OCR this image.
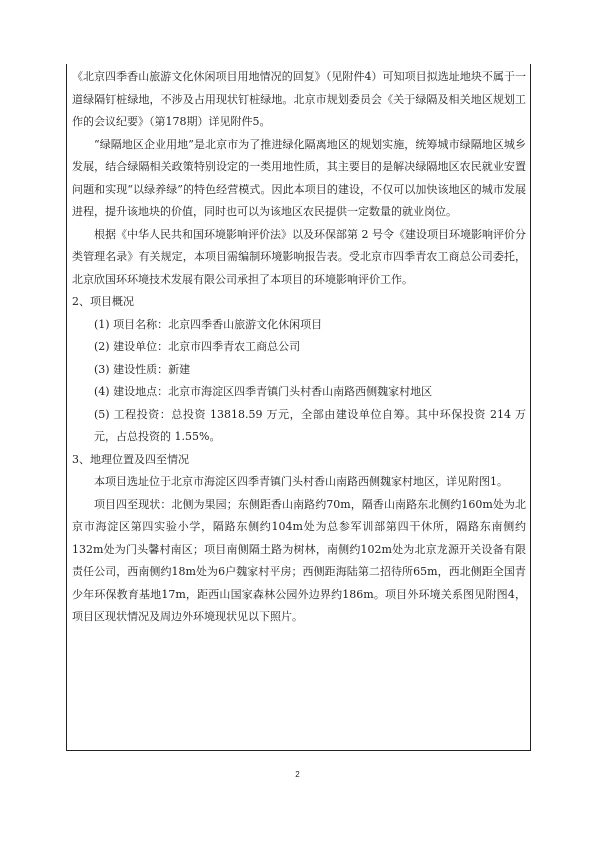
《北京四季香山旅游文化休闲项目用地情况的回复》（见附件4）可知项目拟选址地块不属于一道绿隔钉桩绿地，不涉及占用现状钉桩绿地。北京市规划委员会《关于绿隔及相关地区规划工作的会议纪要》（第178期）详见附件5。

“绿隔地区企业用地”是北京市为了推进绿化隔离地区的规划实施，统筹城市绿隔地区城乡发展，结合绿隔相关政策特别设定的一类用地性质，其主要目的是解决绿隔地区农民就业安置问题和实现“以绿养绿”的特色经营模式。因此本项目的建设，不仅可以加快该地区的城市发展进程，提升该地块的价值，同时也可以为该地区农民提供一定数量的就业岗位。

根据《中华人民共和国环境影响评价法》以及环保部第 2 号令《建设项目环境影响评价分类管理名录》有关规定，本项目需编制环境影响报告表。受北京市四季青农工商总公司委托，北京欣国环环境技术发展有限公司承担了本项目的环境影响评价工作。

2、项目概况

(1) 项目名称：北京四季香山旅游文化休闲项目

(2) 建设单位：北京市四季青农工商总公司

(3) 建设性质：新建

(4) 建设地点：北京市海淀区四季青镇门头村香山南路西侧魏家村地区

(5) 工程投资：总投资 13818.59 万元，全部由建设单位自筹。其中环保投资 214 万元，占总投资的 1.55%。

3、地理位置及四至情况

本项目选址位于北京市海淀区四季青镇门头村香山南路西侧魏家村地区，详见附图1。

项目四至现状：北侧为果园；东侧距香山南路约70m，隔香山南路东北侧约160m处为北京市海淀区第四实验小学，隔路东侧约104m处为总参军训部第四干休所，隔路东南侧约132m处为门头馨村南区；项目南侧隔土路为树林，南侧约102m处为北京龙源开关设备有限责任公司，西南侧约18m处为6户魏家村平房；西侧距海陆第二招待所65m，西北侧距全国青少年环保教育基地17m，距西山国家森林公园外边界约186m。项目外环境关系图见附图4，项目区现状情况及周边外环境现状见以下照片。

2
